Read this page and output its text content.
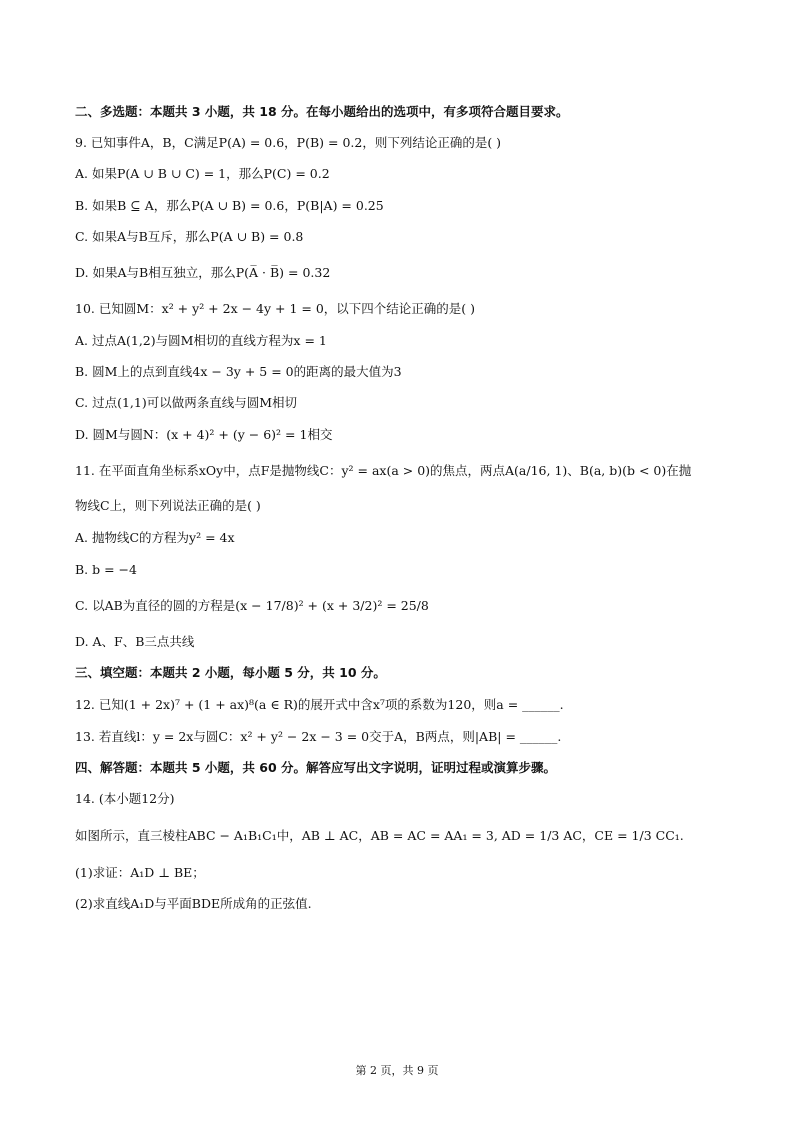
二、多选题：本题共 3 小题，共 18 分。在每小题给出的选项中，有多项符合题目要求。
9. 已知事件A，B，C满足P(A) = 0.6，P(B) = 0.2，则下列结论正确的是( )
A. 如果P(A ∪ B ∪ C) = 1，那么P(C) = 0.2
B. 如果B ⊆ A，那么P(A ∪ B) = 0.6，P(B|A) = 0.25
C. 如果A与B互斥，那么P(A ∪ B) = 0.8
D. 如果A与B相互独立，那么P(A̅ · B̅) = 0.32
10. 已知圆M：x² + y² + 2x − 4y + 1 = 0，以下四个结论正确的是( )
A. 过点A(1,2)与圆M相切的直线方程为x = 1
B. 圆M上的点到直线4x − 3y + 5 = 0的距离的最大值为3
C. 过点(1,1)可以做两条直线与圆M相切
D. 圆M与圆N：(x + 4)² + (y − 6)² = 1相交
11. 在平面直角坐标系xOy中，点F是抛物线C：y² = ax(a > 0)的焦点，两点A(a/16, 1)、B(a, b)(b < 0)在抛
物线C上，则下列说法正确的是( )
A. 抛物线C的方程为y² = 4x
B. b = −4
C. 以AB为直径的圆的方程是(x − 17/8)² + (x + 3/2)² = 25/8
D. A、F、B三点共线
三、填空题：本题共 2 小题，每小题 5 分，共 10 分。
12. 已知(1 + 2x)⁷ + (1 + ax)⁸(a ∈ R)的展开式中含x⁷项的系数为120，则a = ______.
13. 若直线l：y = 2x与圆C：x² + y² − 2x − 3 = 0交于A，B两点，则|AB| = ______.
四、解答题：本题共 5 小题，共 60 分。解答应写出文字说明，证明过程或演算步骤。
14. (本小题12分)
如图所示，直三棱柱ABC − A₁B₁C₁中，AB ⊥ AC，AB = AC = AA₁ = 3, AD = 1/3 AC，CE = 1/3 CC₁.
(1)求证：A₁D ⊥ BE；
(2)求直线A₁D与平面BDE所成角的正弦值.
第 2 页，共 9 页
